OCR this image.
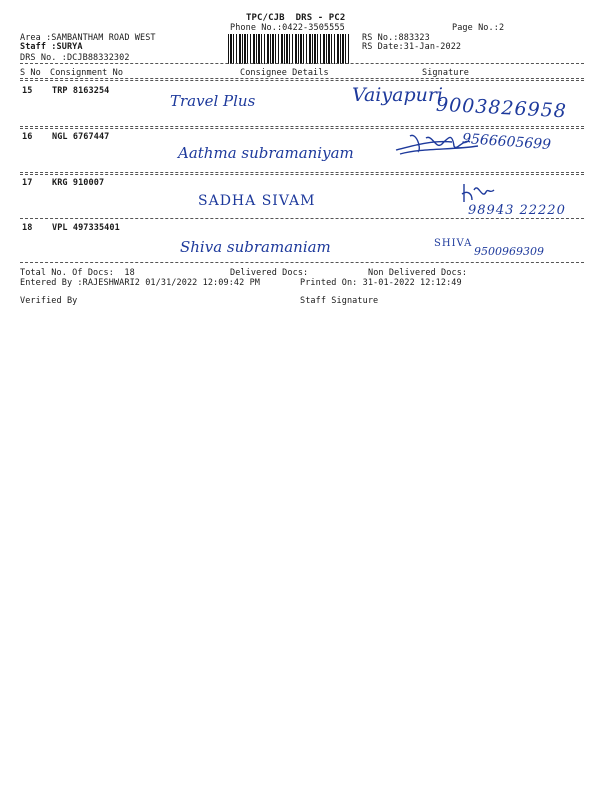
TPC/CJB  DRS - PC2
Phone No.:0422-3505555	Page No.:2
Area :SAMBANTHAM ROAD WEST
Staff :SURYA
DRS No. :DCJB88332302
RS No.:883323
RS Date:31-Jan-2022
S No Consignment No	Consignee Details	Signature
15 TRP 8163254
Travel Plus	Vaiyapuri
9003826958
16 NGL 6767447
Aathma subramaniyam	9566605699
17 KRG 910007
SADHA SIVAM
98943 22220
18 VPL 497335401
Shiva subramaniam	SHIVA
9500969309
Total No. Of Docs:  18	Delivered Docs:	Non Delivered Docs:
Entered By :RAJESHWARI2 01/31/2022 12:09:42 PM	Printed On: 31-01-2022 12:12:49
Verified By	Staff Signature
